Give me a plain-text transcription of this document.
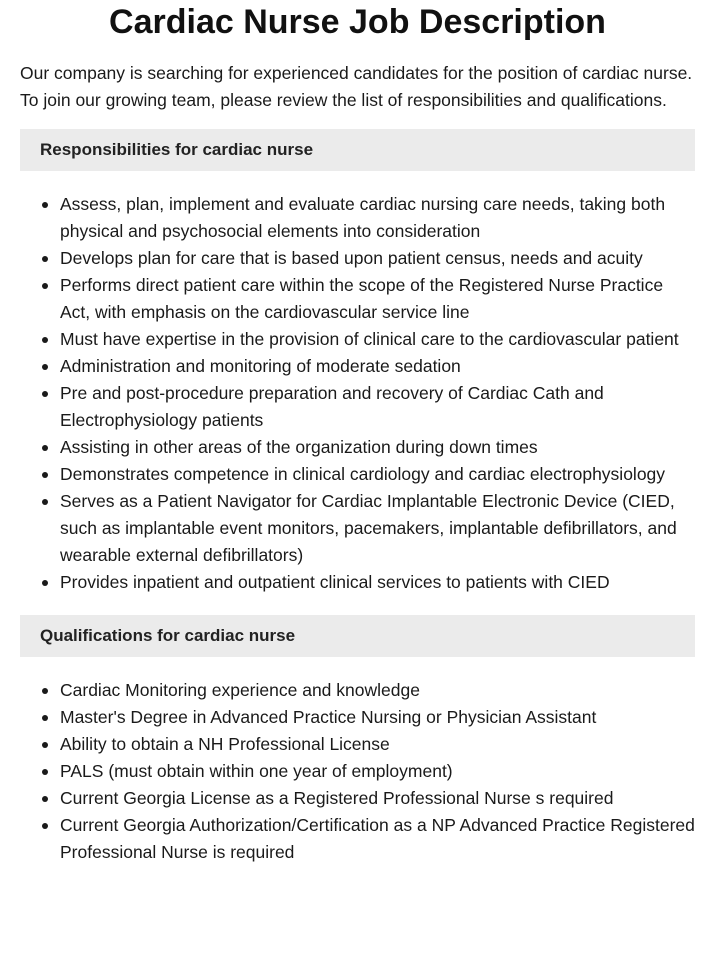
Cardiac Nurse Job Description

Our company is searching for experienced candidates for the position of cardiac nurse. To join our growing team, please review the list of responsibilities and qualifications.

Responsibilities for cardiac nurse
Assess, plan, implement and evaluate cardiac nursing care needs, taking both physical and psychosocial elements into consideration
Develops plan for care that is based upon patient census, needs and acuity
Performs direct patient care within the scope of the Registered Nurse Practice Act, with emphasis on the cardiovascular service line
Must have expertise in the provision of clinical care to the cardiovascular patient
Administration and monitoring of moderate sedation
Pre and post-procedure preparation and recovery of Cardiac Cath and Electrophysiology patients
Assisting in other areas of the organization during down times
Demonstrates competence in clinical cardiology and cardiac electrophysiology
Serves as a Patient Navigator for Cardiac Implantable Electronic Device (CIED, such as implantable event monitors, pacemakers, implantable defibrillators, and wearable external defibrillators)
Provides inpatient and outpatient clinical services to patients with CIED
Qualifications for cardiac nurse
Cardiac Monitoring experience and knowledge
Master's Degree in Advanced Practice Nursing or Physician Assistant
Ability to obtain a NH Professional License
PALS (must obtain within one year of employment)
Current Georgia License as a Registered Professional Nurse s required
Current Georgia Authorization/Certification as a NP Advanced Practice Registered Professional Nurse is required
